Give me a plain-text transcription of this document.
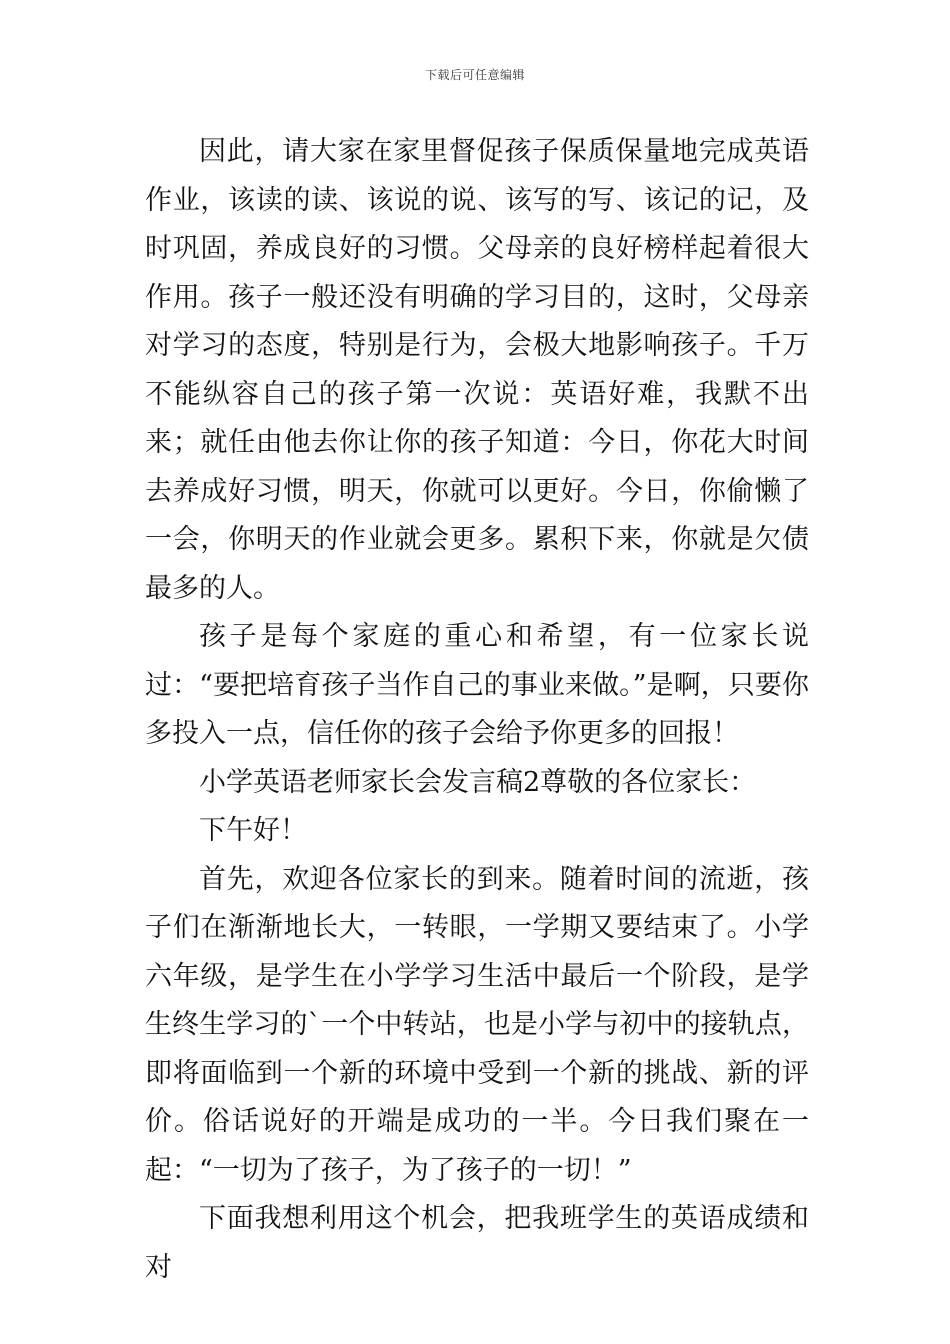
下载后可任意编辑

因此，请大家在家里督促孩子保质保量地完成英语作业，该读的读、该说的说、该写的写、该记的记，及时巩固，养成良好的习惯。父母亲的良好榜样起着很大作用。孩子一般还没有明确的学习目的，这时，父母亲对学习的态度，特别是行为，会极大地影响孩子。千万不能纵容自己的孩子第一次说：英语好难，我默不出来；就任由他去你让你的孩子知道：今日，你花大时间去养成好习惯，明天，你就可以更好。今日，你偷懒了一会，你明天的作业就会更多。累积下来，你就是欠债最多的人。

孩子是每个家庭的重心和希望，有一位家长说过：“要把培育孩子当作自己的事业来做。”是啊，只要你多投入一点，信任你的孩子会给予你更多的回报！

小学英语老师家长会发言稿2尊敬的各位家长：

下午好！

首先，欢迎各位家长的到来。随着时间的流逝，孩子们在渐渐地长大，一转眼，一学期又要结束了。小学六年级，是学生在小学学习生活中最后一个阶段，是学生终生学习的`一个中转站，也是小学与初中的接轨点，即将面临到一个新的环境中受到一个新的挑战、新的评价。俗话说好的开端是成功的一半。今日我们聚在一起：“一切为了孩子，为了孩子的一切！”

下面我想利用这个机会，把我班学生的英语成绩和对
